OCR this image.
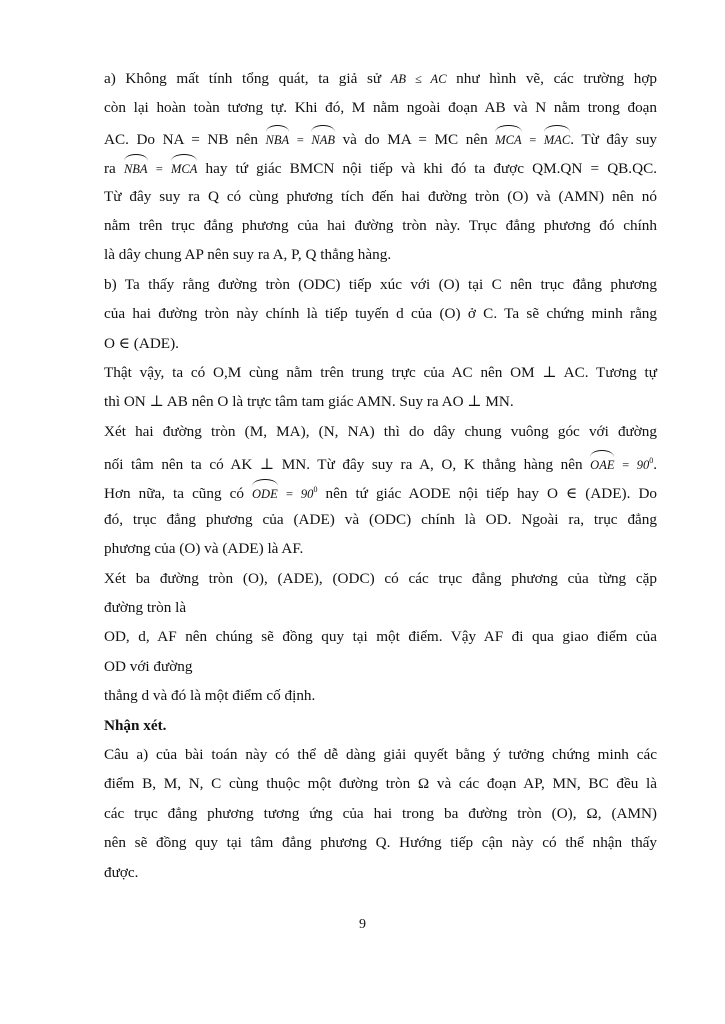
a) Không mất tính tổng quát, ta giả sử AB ≤ AC như hình vẽ, các trường hợp
còn lại hoàn toàn tương tự. Khi đó, M nằm ngoài đoạn AB và N nằm trong đoạn
AC. Do NA = NB nên NBA = NAB và do MA = MC nên MCA = MAC. Từ đây suy
ra NBA = MCA hay tứ giác BMCN nội tiếp và khi đó ta được QM.QN = QB.QC.
Từ đây suy ra Q có cùng phương tích đến hai đường tròn (O) và (AMN) nên nó
nằm trên trục đẳng phương của hai đường tròn này. Trục đẳng phương đó chính
là dây chung AP nên suy ra A, P, Q thẳng hàng.
b) Ta thấy rằng đường tròn (ODC) tiếp xúc với (O) tại C nên trục đẳng phương
của hai đường tròn này chính là tiếp tuyến d của (O) ở C. Ta sẽ chứng minh rằng
O ∈ (ADE).
Thật vậy, ta có O,M cùng nằm trên trung trực của AC nên OM ⊥ AC. Tương tự
thì ON ⊥ AB nên O là trực tâm tam giác AMN. Suy ra AO ⊥ MN.
Xét hai đường tròn (M, MA), (N, NA) thì do dây chung vuông góc với đường
nối tâm nên ta có AK ⊥ MN. Từ đây suy ra A, O, K thẳng hàng nên OAE = $90^0$.
Hơn nữa, ta cũng có ODE = $90^0$ nên tứ giác AODE nội tiếp hay O ∈ (ADE). Do
đó, trục đẳng phương của (ADE) và (ODC) chính là OD. Ngoài ra, trục đẳng
phương của (O) và (ADE) là AF.
Xét ba đường tròn (O), (ADE), (ODC) có các trục đẳng phương của từng cặp
đường tròn là
OD, d, AF nên chúng sẽ đồng quy tại một điểm. Vậy AF đi qua giao điểm của
OD với đường
thẳng d và đó là một điểm cố định.
Nhận xét.
Câu a) của bài toán này có thể dễ dàng giải quyết bằng ý tưởng chứng minh các
điểm B, M, N, C cùng thuộc một đường tròn Ω và các đoạn AP, MN, BC đều là
các trục đẳng phương tương ứng của hai trong ba đường tròn (O), Ω, (AMN)
nên sẽ đồng quy tại tâm đẳng phương Q. Hướng tiếp cận này có thể nhận thấy
được.
9
